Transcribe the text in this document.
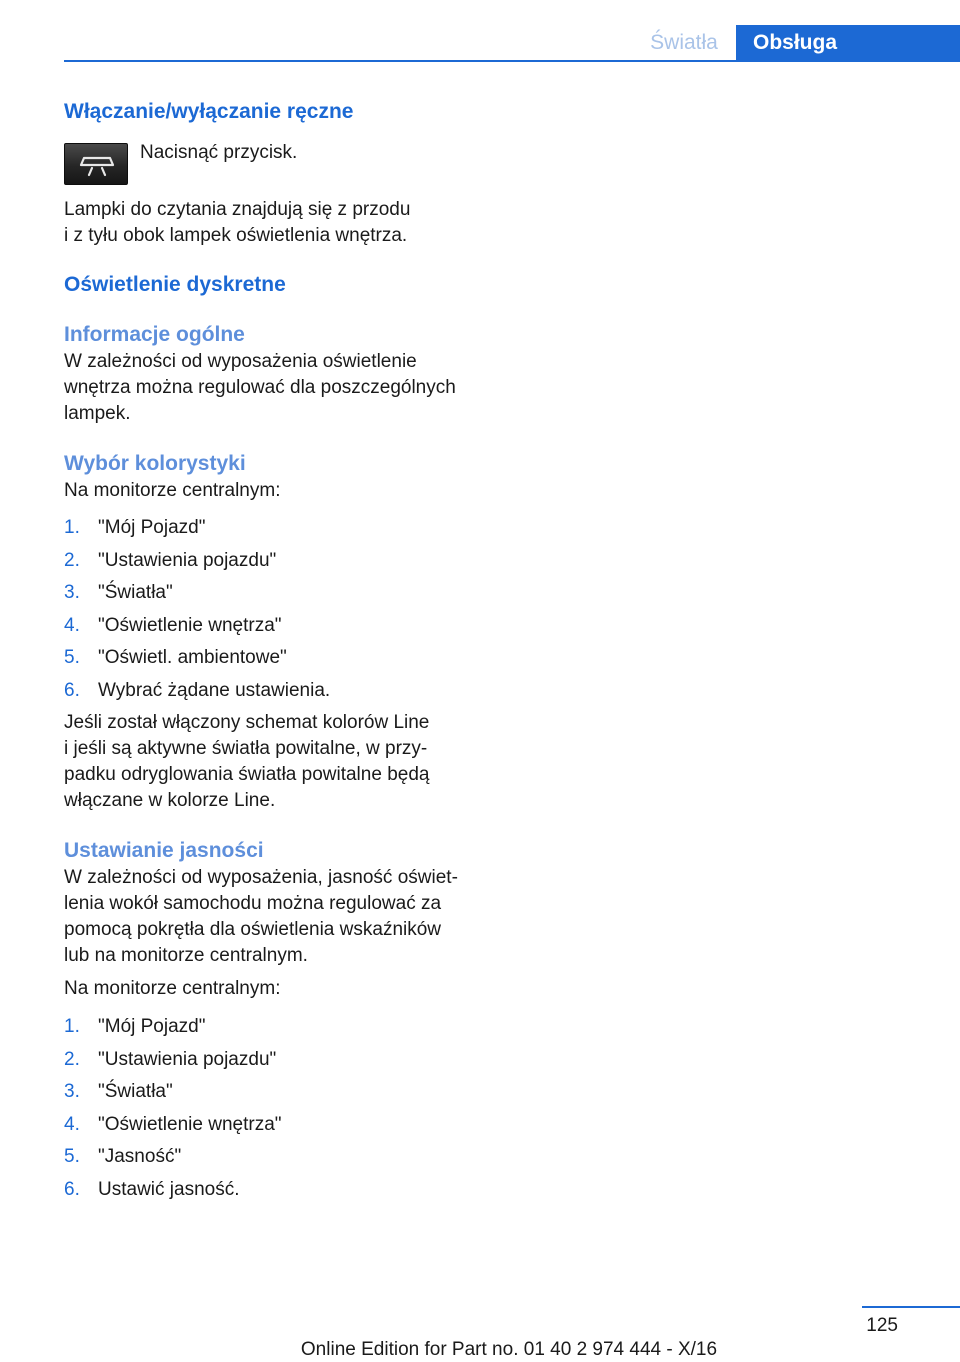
Światła	Obsługa
Włączanie/wyłączanie ręczne

Nacisnąć przycisk.

Lampki do czytania znajdują się z przodu

i z tyłu obok lampek oświetlenia wnętrza.

Oświetlenie dyskretne
Informacje ogólne

W zależności od wyposażenia oświetlenie

wnętrza można regulować dla poszczególnych

lampek.

Wybór kolorystyki

Na monitorze centralnym:

1. "Mój Pojazd"
2. "Ustawienia pojazdu"
3. "Światła"
4. "Oświetlenie wnętrza"
5. "Oświetl. ambientowe"
6. Wybrać żądane ustawienia.

Jeśli został włączony schemat kolorów Line

i jeśli są aktywne światła powitalne, w przy‐

padku odryglowania światła powitalne będą

włączane w kolorze Line.

Ustawianie jasności

W zależności od wyposażenia, jasność oświet‐

lenia wokół samochodu można regulować za

pomocą pokrętła dla oświetlenia wskaźników

lub na monitorze centralnym.

Na monitorze centralnym:

1. "Mój Pojazd"
2. "Ustawienia pojazdu"
3. "Światła"
4. "Oświetlenie wnętrza"
5. "Jasność"
6. Ustawić jasność.
125
Online Edition for Part no. 01 40 2 974 444 - X/16
